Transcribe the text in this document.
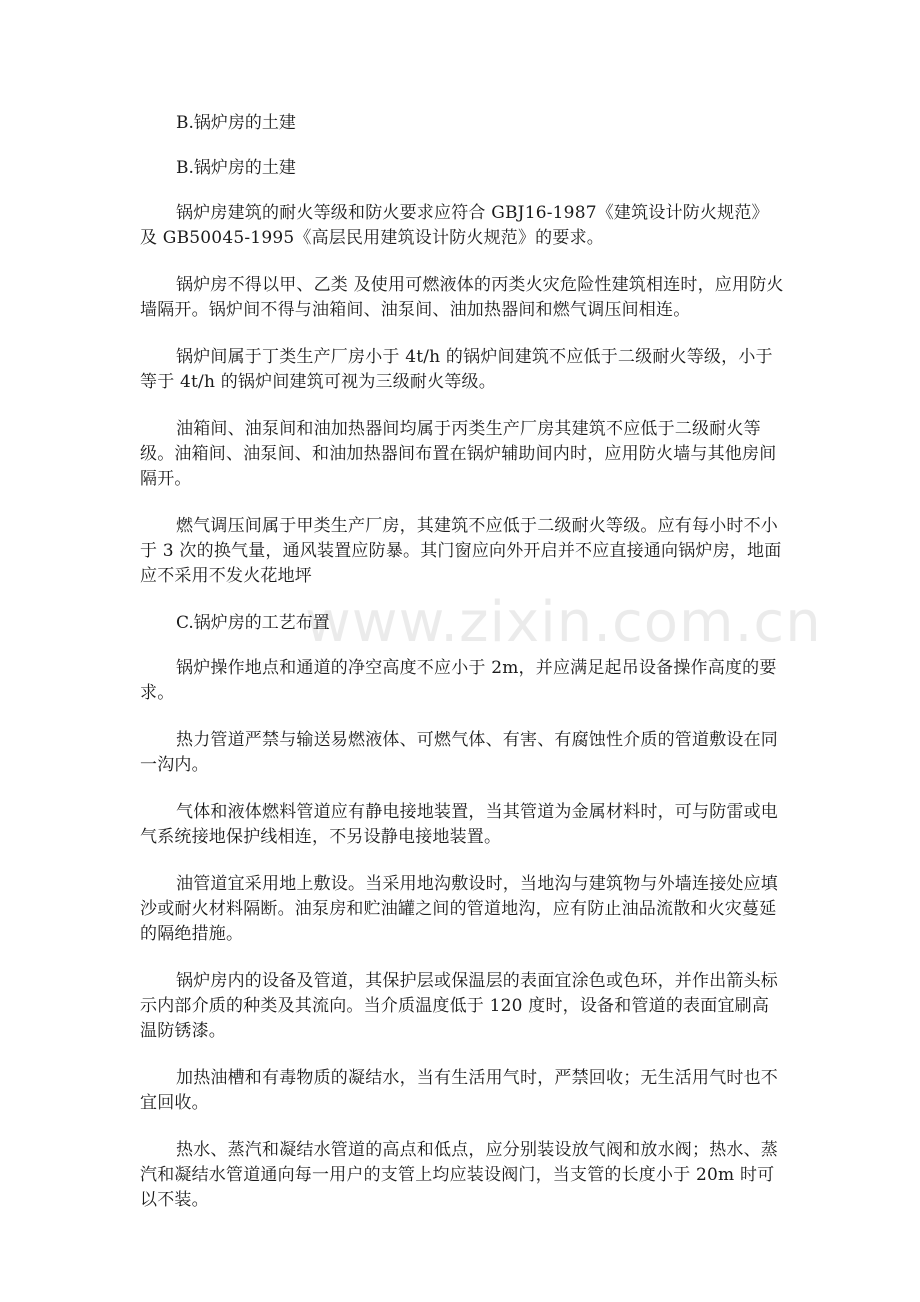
B.锅炉房的土建

B.锅炉房的土建

锅炉房建筑的耐火等级和防火要求应符合 GBJ16-1987《建筑设计防火规范》及 GB50045-1995《高层民用建筑设计防火规范》的要求。

锅炉房不得以甲、乙类 及使用可燃液体的丙类火灾危险性建筑相连时，应用防火墙隔开。锅炉间不得与油箱间、油泵间、油加热器间和燃气调压间相连。

锅炉间属于丁类生产厂房小于 4t/h 的锅炉间建筑不应低于二级耐火等级，小于等于 4t/h 的锅炉间建筑可视为三级耐火等级。

油箱间、油泵间和油加热器间均属于丙类生产厂房其建筑不应低于二级耐火等级。油箱间、油泵间、和油加热器间布置在锅炉辅助间内时，应用防火墙与其他房间隔开。

燃气调压间属于甲类生产厂房，其建筑不应低于二级耐火等级。应有每小时不小于 3 次的换气量，通风装置应防暴。其门窗应向外开启并不应直接通向锅炉房，地面应不采用不发火花地坪

C.锅炉房的工艺布置

锅炉操作地点和通道的净空高度不应小于 2m，并应满足起吊设备操作高度的要求。

热力管道严禁与输送易燃液体、可燃气体、有害、有腐蚀性介质的管道敷设在同一沟内。

气体和液体燃料管道应有静电接地装置，当其管道为金属材料时，可与防雷或电气系统接地保护线相连，不另设静电接地装置。

油管道宜采用地上敷设。当采用地沟敷设时，当地沟与建筑物与外墙连接处应填沙或耐火材料隔断。油泵房和贮油罐之间的管道地沟，应有防止油品流散和火灾蔓延的隔绝措施。

锅炉房内的设备及管道，其保护层或保温层的表面宜涂色或色环，并作出箭头标示内部介质的种类及其流向。当介质温度低于 120 度时，设备和管道的表面宜刷高温防锈漆。

加热油槽和有毒物质的凝结水，当有生活用气时，严禁回收；无生活用气时也不宜回收。

热水、蒸汽和凝结水管道的高点和低点，应分别装设放气阀和放水阀；热水、蒸汽和凝结水管道通向每一用户的支管上均应装设阀门，当支管的长度小于 20m 时可以不装。

www.zixin.com.cn
